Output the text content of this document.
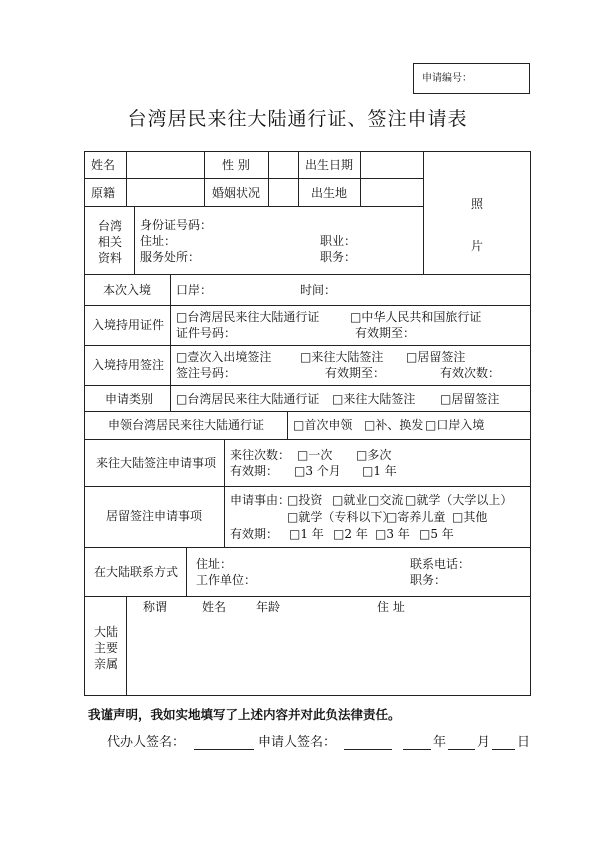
申请编号：
台湾居民来往大陆通行证、签注申请表
照
片
姓名	性 别	出生日期
原籍	婚姻状况	出生地
台湾
相关
资料
身份证号码：
住址：	职业：
服务处所：	职务：
本次入境 口岸：	时间：
入境持用证件
□台湾居民来往大陆通行证	□中华人民共和国旅行证
证件号码：	有效期至：
入境持用签注
□壹次入出境签注 □来往大陆签注 □居留签注
签注号码：	有效期至：	有效次数：
申请类别 □台湾居民来往大陆通行证 □来往大陆签注 □居留签注
申领台湾居民来往大陆通行证 □首次申领 □补、换发 □口岸入境
来往大陆签注申请事项
来往次数： □一次 □多次
有效期： □3 个月 □1 年
居留签注申请事项
申请事由：
□投资 □就业 □交流 □就学（大学以上）
□就学（专科以下）
□寄养儿童 □其他
有效期： □1 年 □2 年 □3 年 □5 年
在大陆联系方式
住址：	联系电话：
工作单位：	职务：
大陆
主要
亲属
称谓	姓名 年龄	住 址
我谨声明，我如实地填写了上述内容并对此负法律责任。
代办人签名：	申请人签名：	年 月 日
